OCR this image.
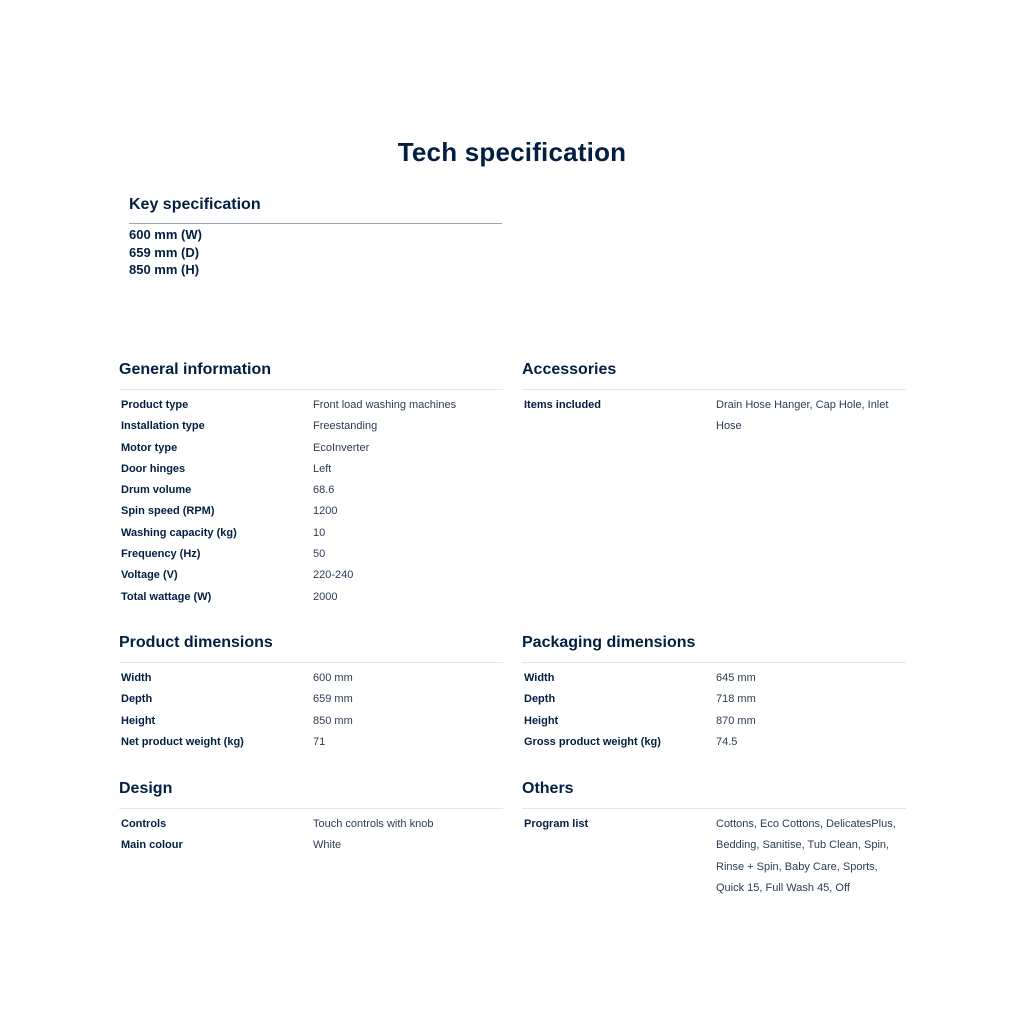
Tech specification
Key specification
600 mm (W)
659 mm (D)
850 mm (H)
General information
Product type	Front load washing machines
Installation type	Freestanding
Motor type	EcoInverter
Door hinges	Left
Drum volume	68.6
Spin speed (RPM)	1200
Washing capacity (kg)	10
Frequency (Hz)	50
Voltage (V)	220-240
Total wattage (W)	2000
Accessories
Items included	Drain Hose Hanger, Cap Hole, Inlet Hose
Product dimensions
Width	600 mm
Depth	659 mm
Height	850 mm
Net product weight (kg)	71
Packaging dimensions
Width	645 mm
Depth	718 mm
Height	870 mm
Gross product weight (kg)	74.5
Design
Controls	Touch controls with knob
Main colour	White
Others
Program list	Cottons, Eco Cottons, DelicatesPlus, Bedding, Sanitise, Tub Clean, Spin, Rinse + Spin, Baby Care, Sports, Quick 15, Full Wash 45, Off
